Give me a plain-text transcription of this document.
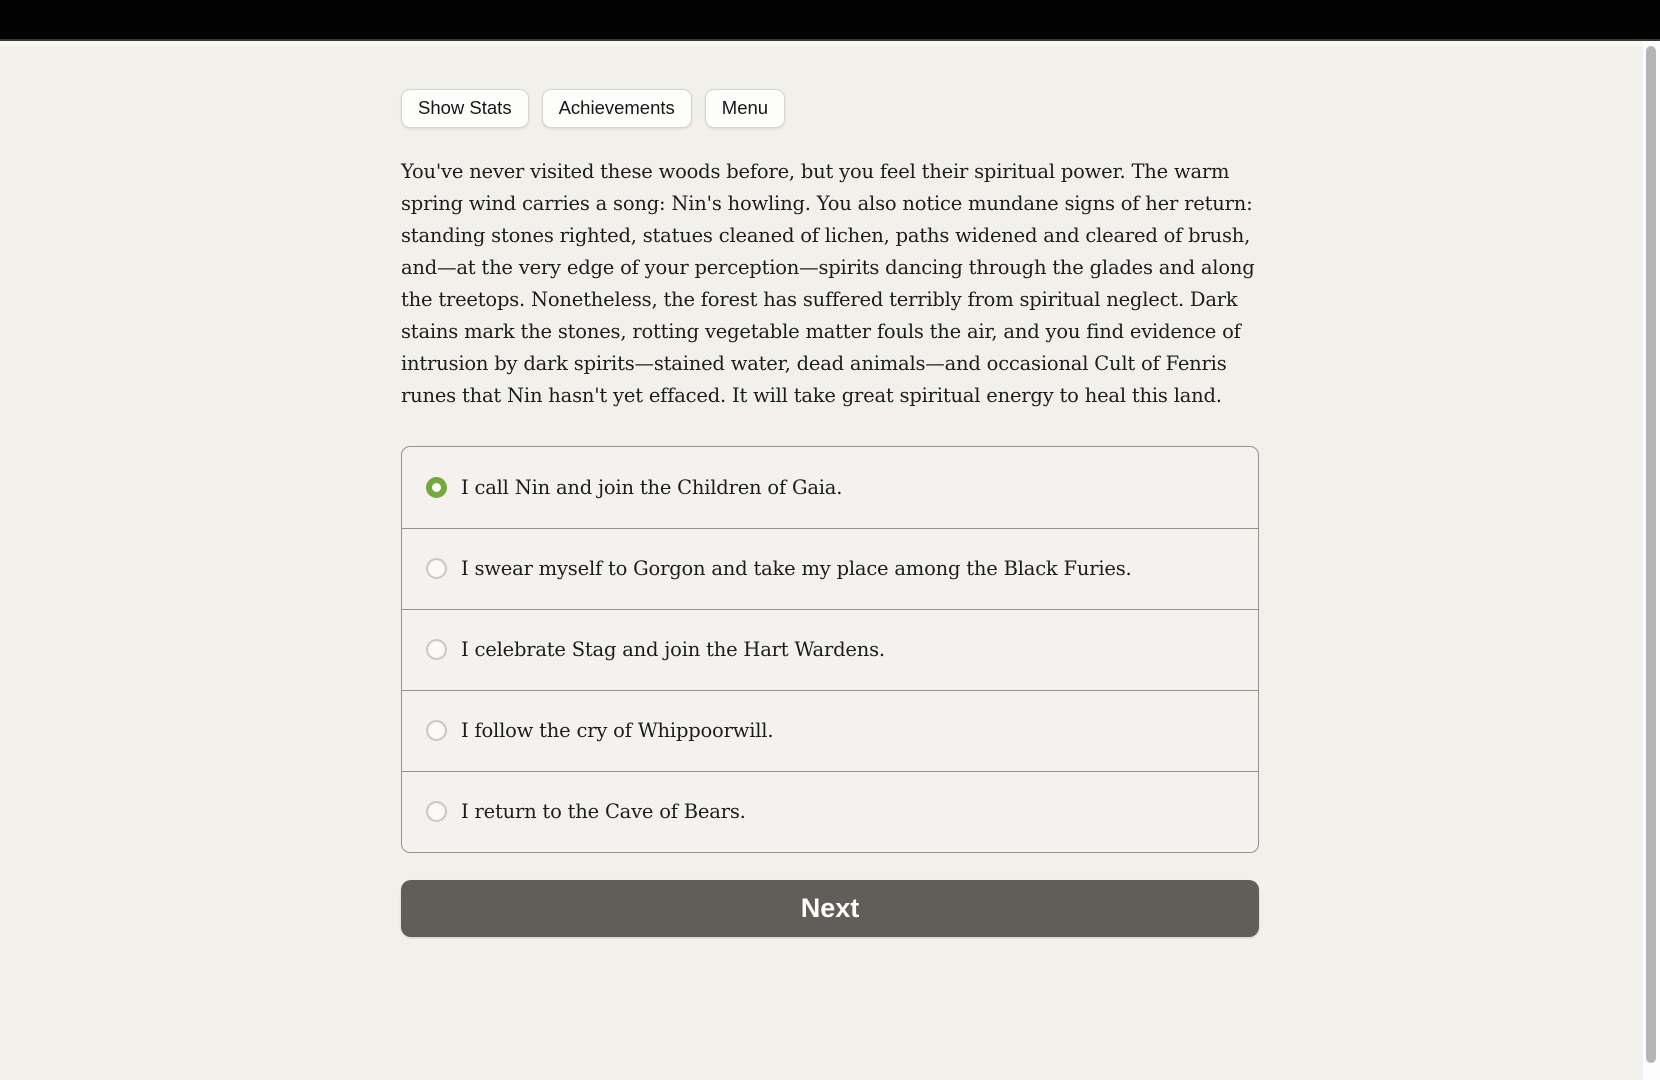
Show Stats	Achievements	Menu

You've never visited these woods before, but you feel their spiritual power. The warm spring wind carries a song: Nin's howling. You also notice mundane signs of her return: standing stones righted, statues cleaned of lichen, paths widened and cleared of brush, and—at the very edge of your perception—spirits dancing through the glades and along the treetops. Nonetheless, the forest has suffered terribly from spiritual neglect. Dark stains mark the stones, rotting vegetable matter fouls the air, and you find evidence of intrusion by dark spirits—stained water, dead animals—and occasional Cult of Fenris runes that Nin hasn't yet effaced. It will take great spiritual energy to heal this land.

I call Nin and join the Children of Gaia.
I swear myself to Gorgon and take my place among the Black Furies.
I celebrate Stag and join the Hart Wardens.
I follow the cry of Whippoorwill.
I return to the Cave of Bears.
Next
